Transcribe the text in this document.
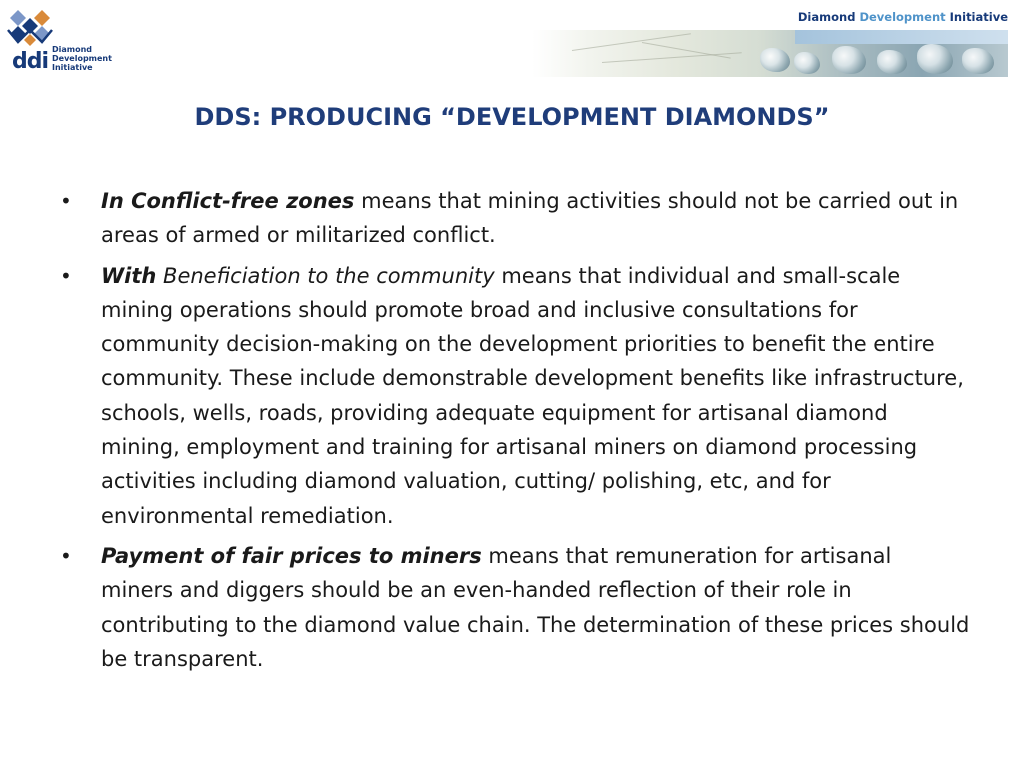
ddi Diamond
Development
Initiative
Diamond Development Initiative
DDS: PRODUCING “DEVELOPMENT DIAMONDS”
•	In Conflict-free zones means that mining activities should not be carried out in areas of armed or militarized conflict.
•	With Beneficiation to the community means that individual and small-scale mining operations should promote broad and inclusive consultations for community decision-making on the development priorities to benefit the entire community. These include demonstrable development benefits like infrastructure, schools, wells, roads, providing adequate equipment for artisanal diamond mining, employment and training for artisanal miners on diamond processing activities including diamond valuation, cutting/ polishing, etc, and for environmental remediation.
•	Payment of fair prices to miners means that remuneration for artisanal miners and diggers should be an even-handed reflection of their role in contributing to the diamond value chain. The determination of these prices should be transparent.
